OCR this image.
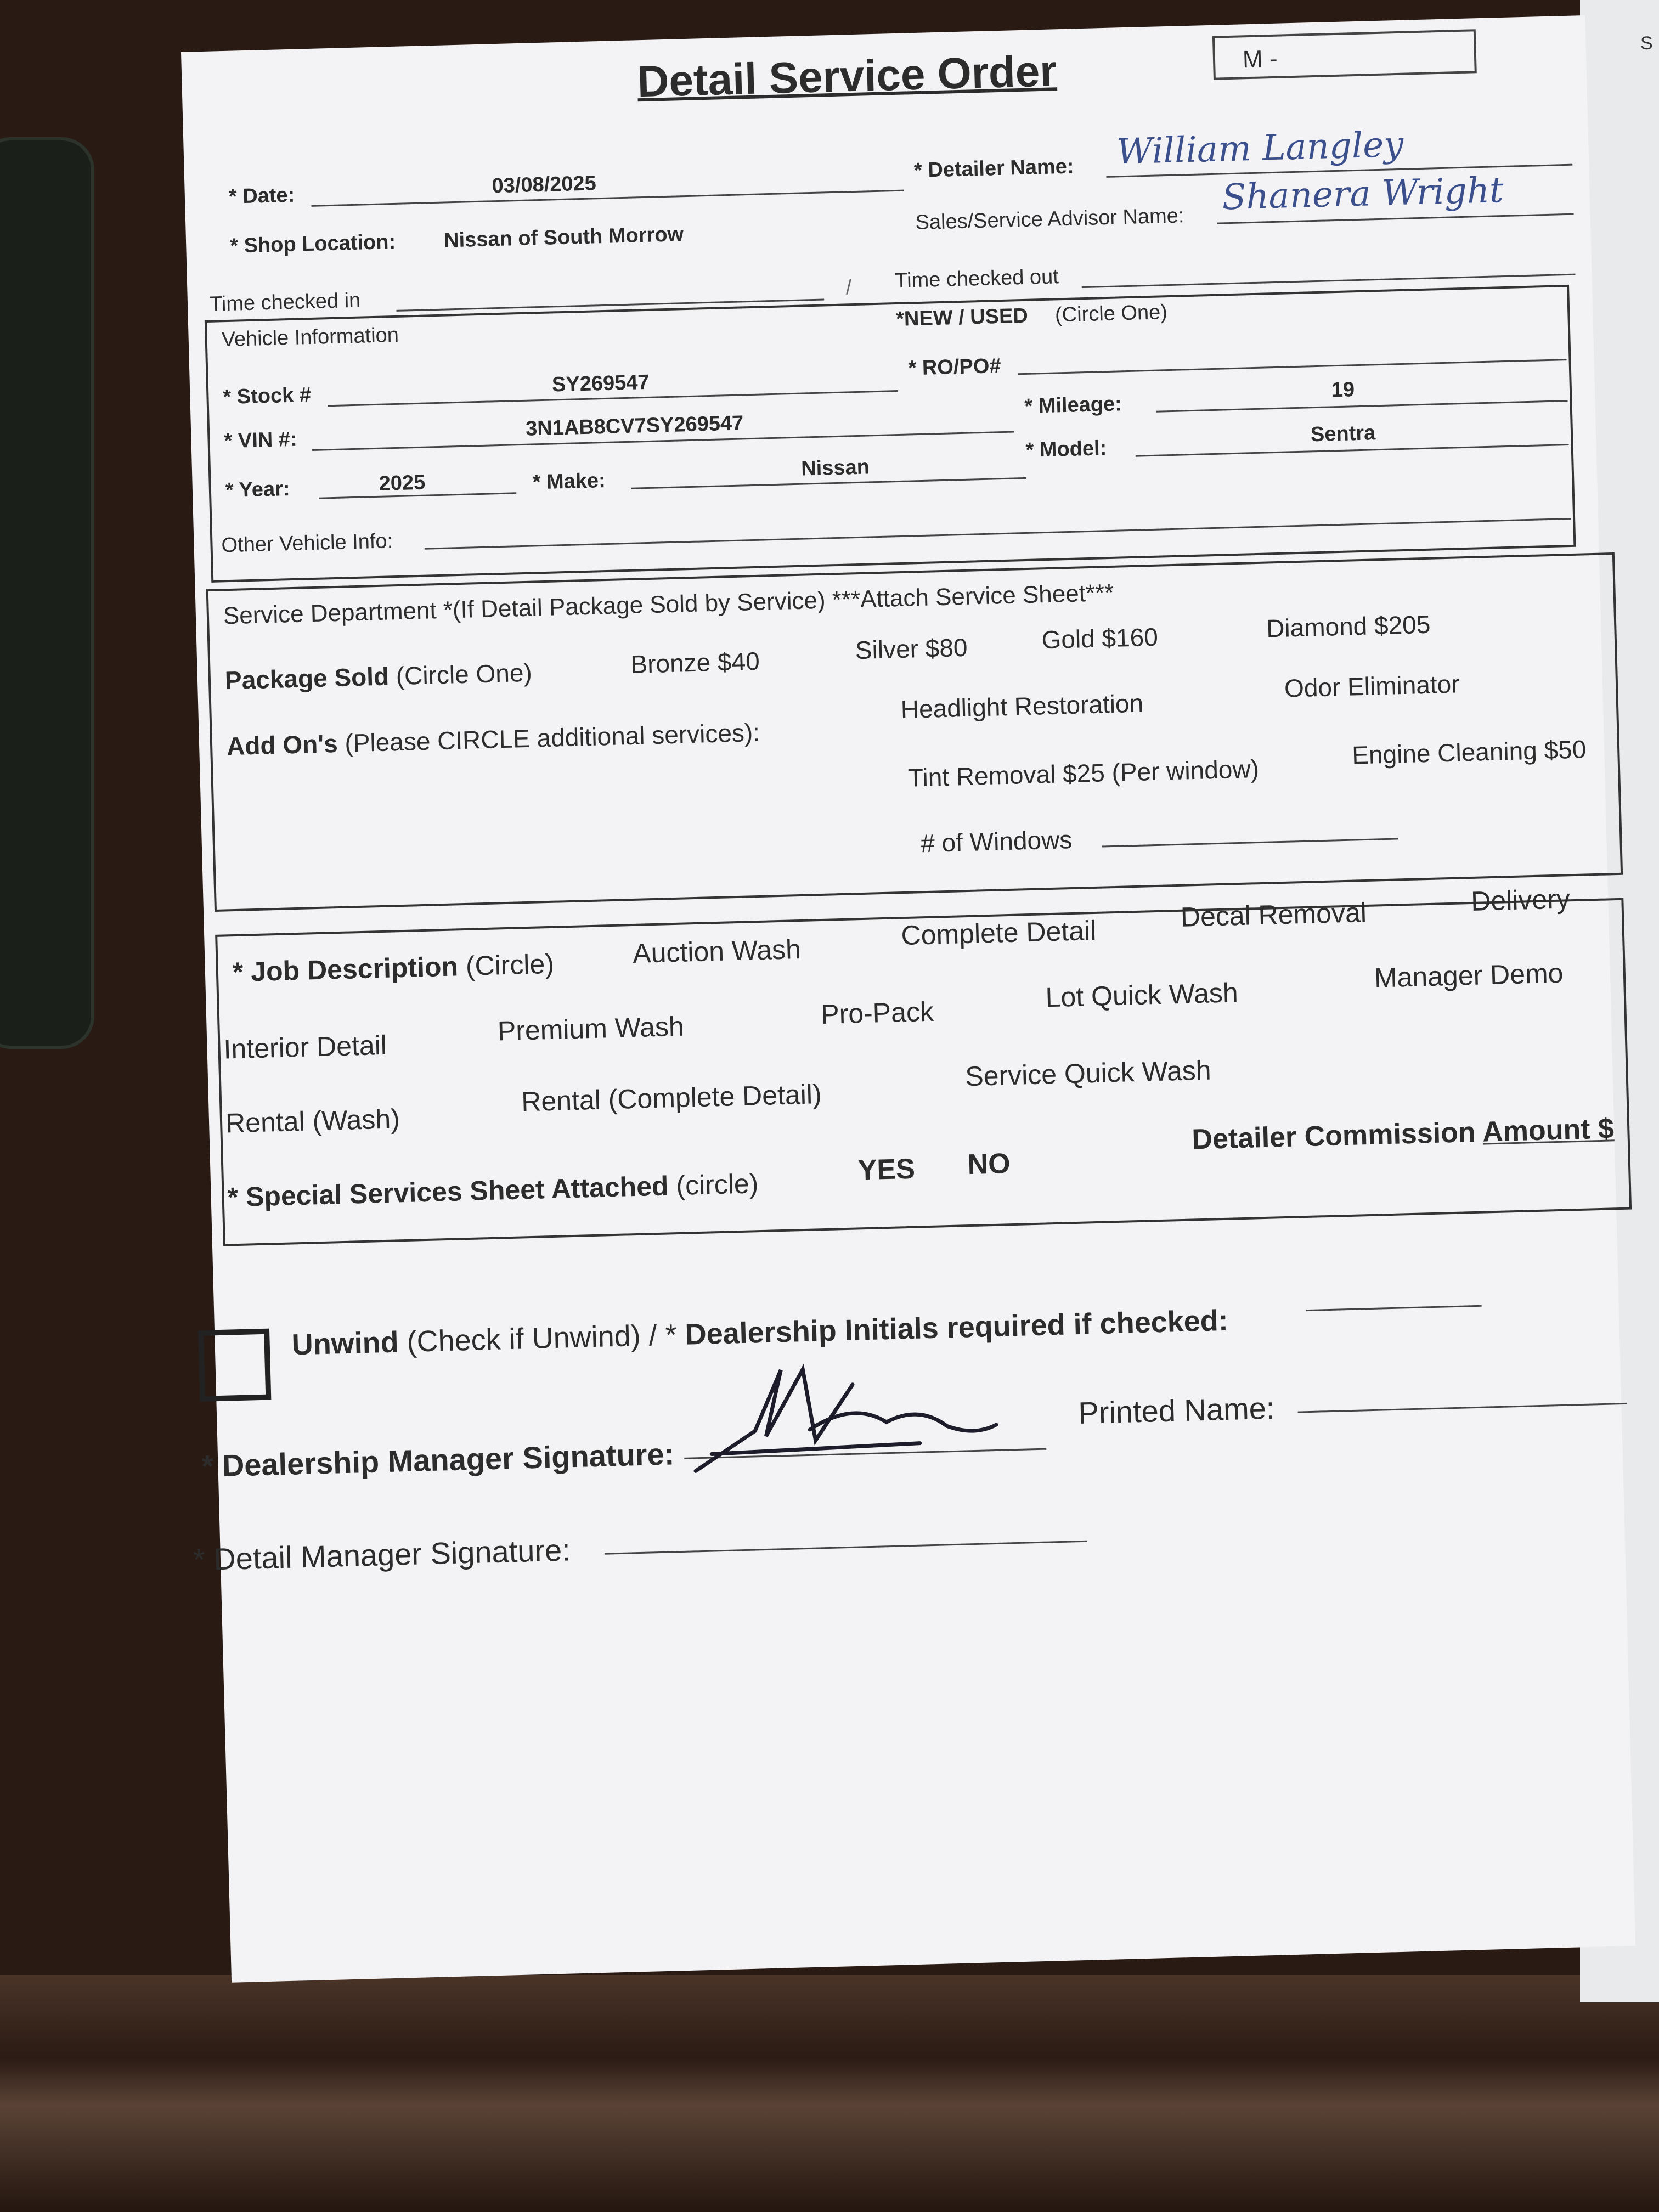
S
Detail Service Order	M -
* Date:	03/08/2025
* Detailer Name: William Langley
* Shop Location: Nissan of South Morrow
Sales/Service Advisor Name:
Shanera Wright
Time checked in
/ Time checked out
Vehicle Information
*NEW / USED (Circle One)
* Stock #	SY269547
* RO/PO#
* Mileage:
19
* VIN #:	3N1AB8CV7SY269547
* Model:
Sentra
* Year:	2025	* Make:
Nissan
Other Vehicle Info:
Service Department *(If Detail Package Sold by Service) ***Attach Service Sheet***
Package Sold (Circle One)	Bronze $40	Silver $80	Gold $160	Diamond $205
Add On's (Please CIRCLE additional services):
Headlight Restoration
Odor Eliminator
Tint Removal $25 (Per window)
Engine Cleaning $50
# of Windows
* Job Description (Circle)	Auction Wash
Complete Detail
Decal Removal	Delivery
Interior Detail
Premium Wash	Pro-Pack
Lot Quick Wash
Manager Demo
Rental (Wash)
Rental (Complete Detail)
Service Quick Wash
* Special Services Sheet Attached (circle)	YES NO
Detailer Commission Amount $
Unwind (Check if Unwind) / * Dealership Initials required if checked:
* Dealership Manager Signature:
Printed Name:
* Detail Manager Signature:
